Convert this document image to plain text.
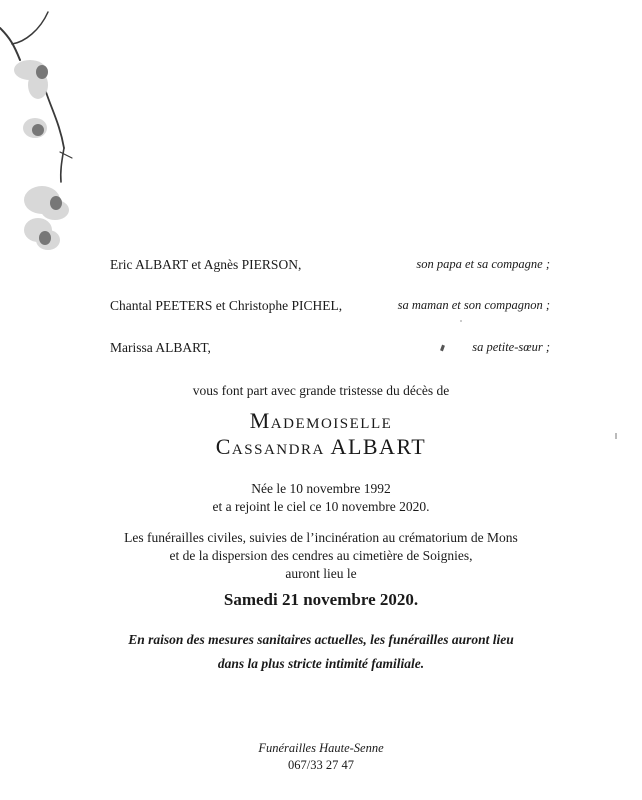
Eric ALBART et Agnès PIERSON,	son papa et sa compagne ;
Chantal PEETERS et Christophe PICHEL,	sa maman et son compagnon ;
Marissa ALBART,	sa petite-sœur ;
vous font part avec grande tristesse du décès de
Mademoiselle
Cassandra ALBART
Née le 10 novembre 1992
et a rejoint le ciel ce 10 novembre 2020.
Les funérailles civiles, suivies de l’incinération au crématorium de Mons
et de la dispersion des cendres au cimetière de Soignies,
auront lieu le
Samedi 21 novembre 2020.
En raison des mesures sanitaires actuelles, les funérailles auront lieu
dans la plus stricte intimité familiale.
Funérailles Haute-Senne
067/33 27 47
